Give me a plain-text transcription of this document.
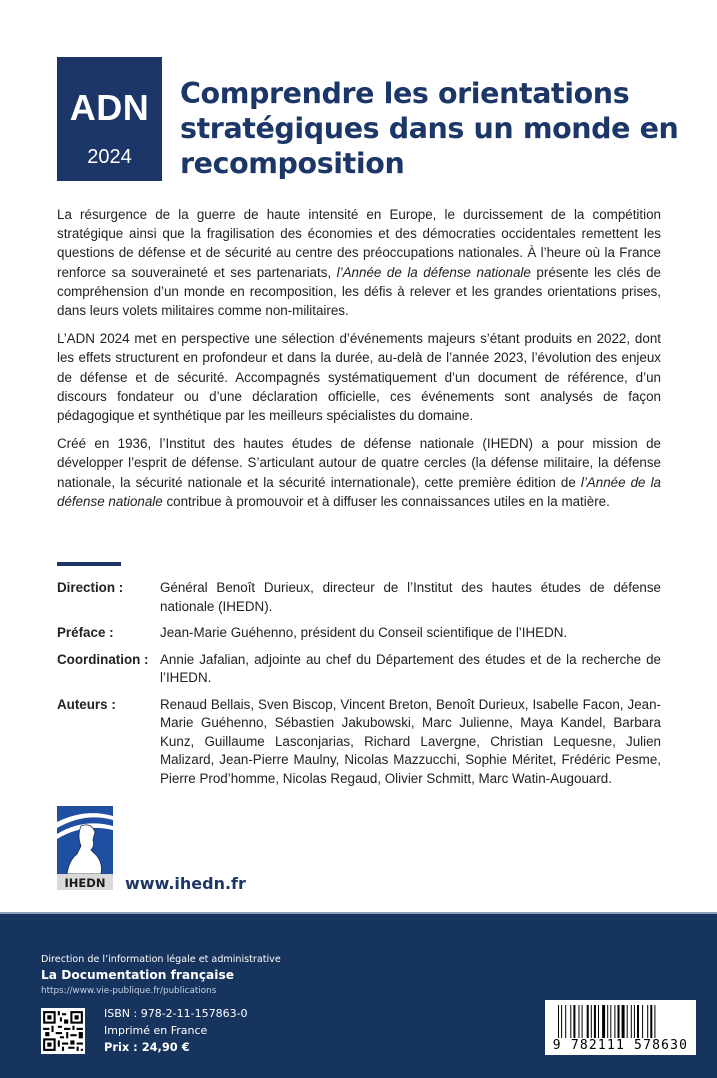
ADN
2024
Comprendre les orientations stratégiques dans un monde en recomposition

La résurgence de la guerre de haute intensité en Europe, le durcissement de la compétition stratégique ainsi que la fragilisation des économies et des démocraties occidentales remettent les questions de défense et de sécurité au centre des préoccupations nationales. À l’heure où la France renforce sa souveraineté et ses partenariats, l’Année de la défense nationale présente les clés de compréhension d’un monde en recomposition, les défis à relever et les grandes orientations prises, dans leurs volets militaires comme non-militaires.

L’ADN 2024 met en perspective une sélection d’événements majeurs s’étant produits en 2022, dont les effets structurent en profondeur et dans la durée, au-delà de l’année 2023, l’évolution des enjeux de défense et de sécurité. Accompagnés systématiquement d’un document de référence, d’un discours fondateur ou d’une déclaration officielle, ces événements sont analysés de façon pédagogique et synthétique par les meilleurs spécialistes du domaine.

Créé en 1936, l’Institut des hautes études de défense nationale (IHEDN) a pour mission de développer l’esprit de défense. S’articulant autour de quatre cercles (la défense militaire, la défense nationale, la sécurité nationale et la sécurité internationale), cette première édition de l’Année de la défense nationale contribue à promouvoir et à diffuser les connaissances utiles en la matière.

Direction :	Général Benoît Durieux, directeur de l’Institut des hautes études de défense nationale (IHEDN).
Préface :	Jean-Marie Guéhenno, président du Conseil scientifique de l’IHEDN.
Coordination : Annie Jafalian, adjointe au chef du Département des études et de la recherche de l’IHEDN.
Auteurs :	Renaud Bellais, Sven Biscop, Vincent Breton, Benoît Durieux, Isabelle Facon, Jean-Marie Guéhenno, Sébastien Jakubowski, Marc Julienne, Maya Kandel, Barbara Kunz, Guillaume Lasconjarias, Richard Lavergne, Christian Lequesne, Julien Malizard, Jean-Pierre Maulny, Nicolas Mazzucchi, Sophie Méritet, Frédéric Pesme, Pierre Prod’homme, Nicolas Regaud, Olivier Schmitt, Marc Watin-Augouard.
IHEDN www.ihedn.fr
Direction de l’information légale et administrative
La Documentation française
https://www.vie-publique.fr/publications
ISBN : 978-2-11-157863-0
Imprimé en France
Prix : 24,90 €	9 782111 578630
